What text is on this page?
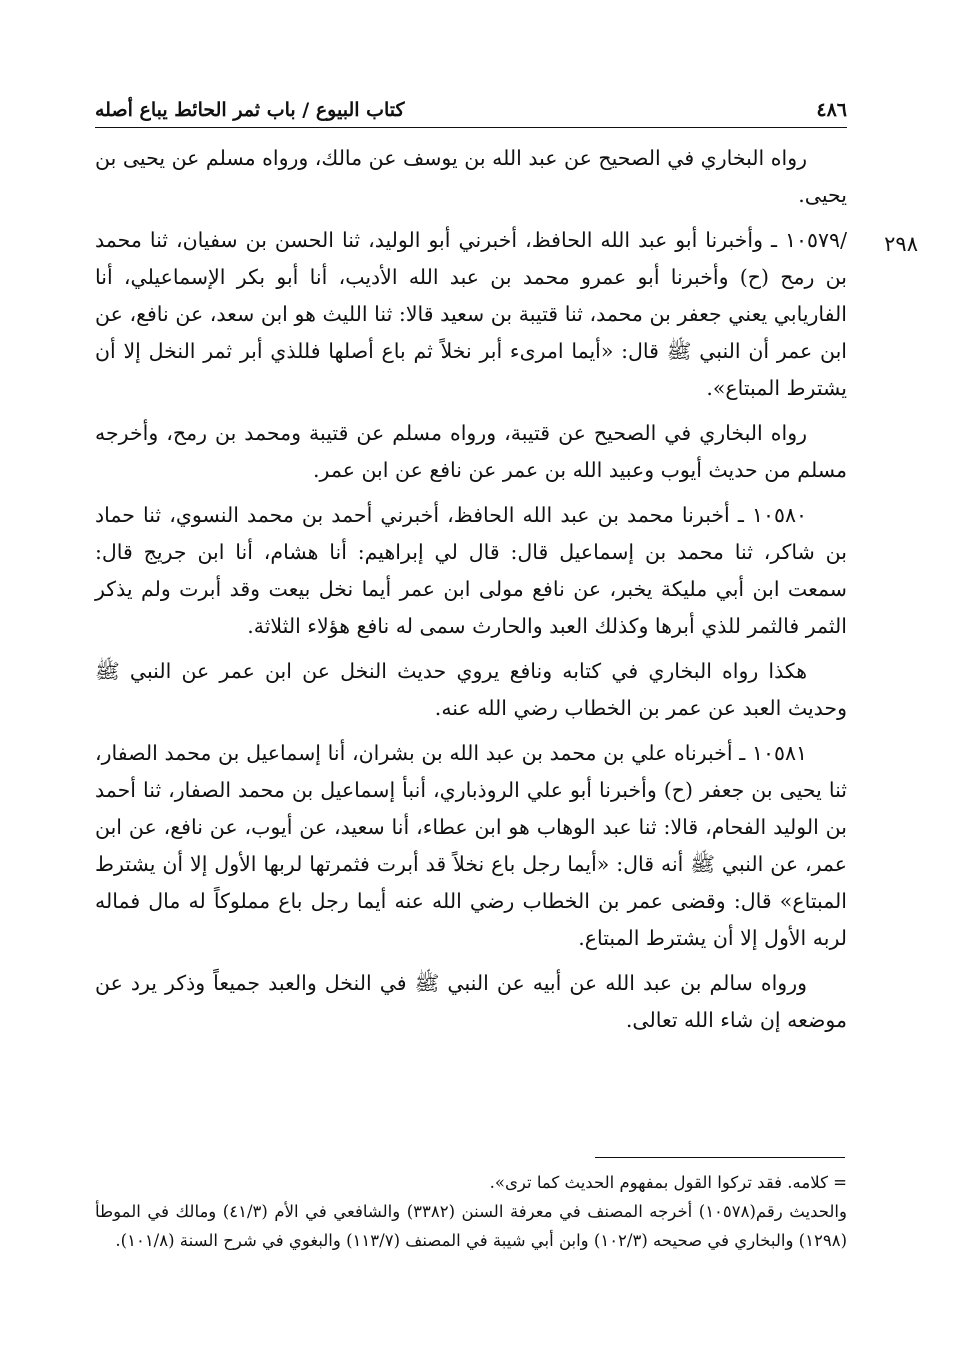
٤٨٦
كتاب البيوع / باب ثمر الحائط يباع أصله
٢٩٨

رواه البخاري في الصحيح عن عبد الله بن يوسف عن مالك، ورواه مسلم عن يحيى بن يحيى.

/١٠٥٧٩ ـ وأخبرنا أبو عبد الله الحافظ، أخبرني أبو الوليد، ثنا الحسن بن سفيان، ثنا محمد بن رمح (ح) وأخبرنا أبو عمرو محمد بن عبد الله الأديب، أنا أبو بكر الإسماعيلي، أنا الفاريابي يعني جعفر بن محمد، ثنا قتيبة بن سعيد قالا: ثنا الليث هو ابن سعد، عن نافع، عن ابن عمر أن النبي ﷺ قال: «أيما امرىء أبر نخلاً ثم باع أصلها فللذي أبر ثمر النخل إلا أن يشترط المبتاع».

رواه البخاري في الصحيح عن قتيبة، ورواه مسلم عن قتيبة ومحمد بن رمح، وأخرجه مسلم من حديث أيوب وعبيد الله بن عمر عن نافع عن ابن عمر.

١٠٥٨٠ ـ أخبرنا محمد بن عبد الله الحافظ، أخبرني أحمد بن محمد النسوي، ثنا حماد بن شاكر، ثنا محمد بن إسماعيل قال: قال لي إبراهيم: أنا هشام، أنا ابن جريج قال: سمعت ابن أبي مليكة يخبر، عن نافع مولى ابن عمر أيما نخل بيعت وقد أبرت ولم يذكر الثمر فالثمر للذي أبرها وكذلك العبد والحارث سمى له نافع هؤلاء الثلاثة.

هكذا رواه البخاري في كتابه ونافع يروي حديث النخل عن ابن عمر عن النبي ﷺ وحديث العبد عن عمر بن الخطاب رضي الله عنه.

١٠٥٨١ ـ أخبرناه علي بن محمد بن عبد الله بن بشران، أنا إسماعيل بن محمد الصفار، ثنا يحيى بن جعفر (ح) وأخبرنا أبو علي الروذباري، أنبأ إسماعيل بن محمد الصفار، ثنا أحمد بن الوليد الفحام، قالا: ثنا عبد الوهاب هو ابن عطاء، أنا سعيد، عن أيوب، عن نافع، عن ابن عمر، عن النبي ﷺ أنه قال: «أيما رجل باع نخلاً قد أبرت فثمرتها لربها الأول إلا أن يشترط المبتاع» قال: وقضى عمر بن الخطاب رضي الله عنه أيما رجل باع مملوكاً له مال فماله لربه الأول إلا أن يشترط المبتاع.

ورواه سالم بن عبد الله عن أبيه عن النبي ﷺ في النخل والعبد جميعاً وذكر يرد عن موضعه إن شاء الله تعالى.

= كلامه. فقد تركوا القول بمفهوم الحديث كما ترى».

والحديث رقم(١٠٥٧٨) أخرجه المصنف في معرفة السنن (٣٣٨٢) والشافعي في الأم (٤١/٣) ومالك في الموطأ (١٢٩٨) والبخاري في صحيحه (١٠٢/٣) وابن أبي شيبة في المصنف (١١٣/٧) والبغوي في شرح السنة (١٠١/٨).
